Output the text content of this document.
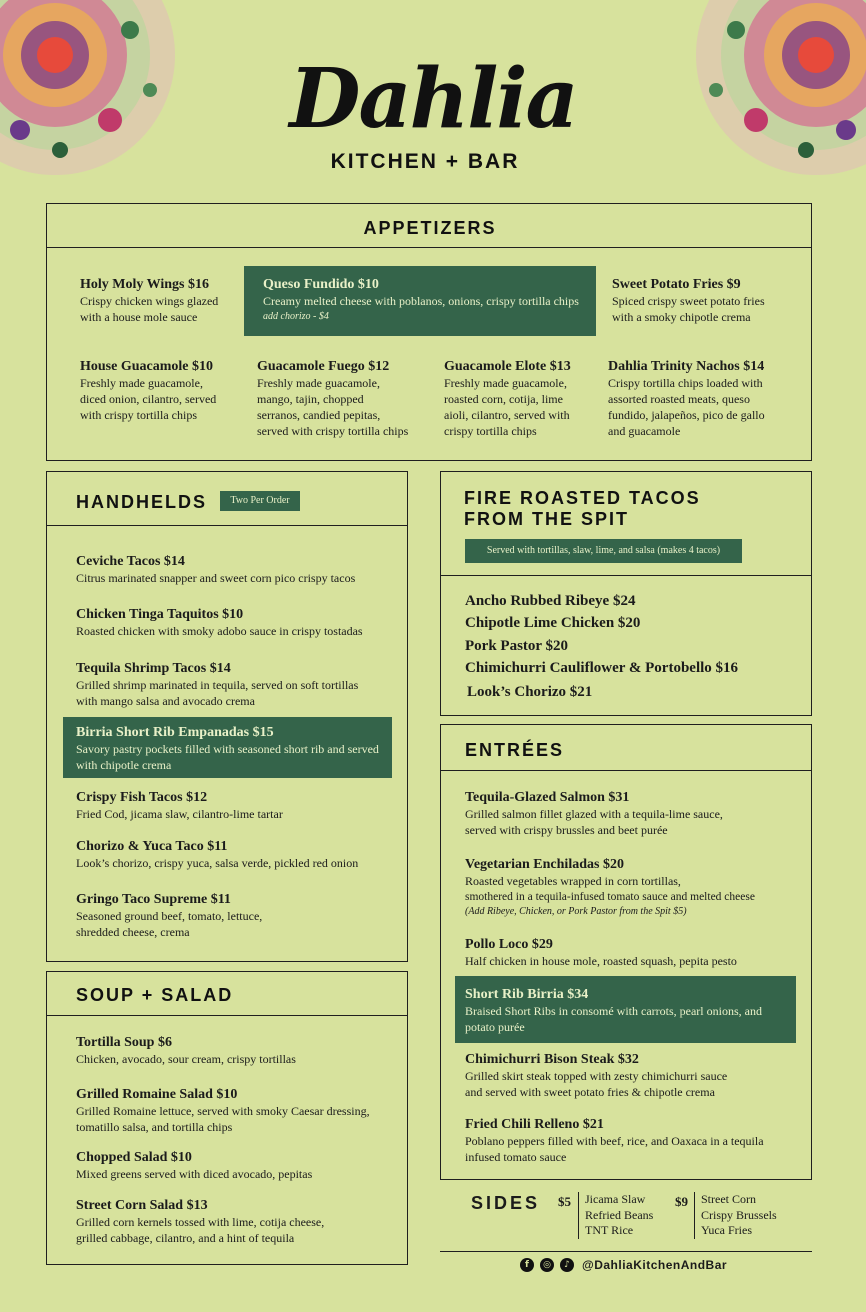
Dahlia
KITCHEN + BAR
APPETIZERS
Holy Moly Wings $16
Crispy chicken wings glazed
with a house mole sauce
Queso Fundido $10
Creamy melted cheese with poblanos, onions, crispy tortilla chips
add chorizo - $4
Sweet Potato Fries $9
Spiced crispy sweet potato fries
with a smoky chipotle crema
House Guacamole $10
Freshly made guacamole,
diced onion, cilantro, served
with crispy tortilla chips
Guacamole Fuego $12
Freshly made guacamole,
mango, tajin, chopped
serranos, candied pepitas,
served with crispy tortilla chips
Guacamole Elote $13
Freshly made guacamole,
roasted corn, cotija, lime
aioli, cilantro, served with
crispy tortilla chips
Dahlia Trinity Nachos $14
Crispy tortilla chips loaded with
assorted roasted meats, queso
fundido, jalapeños, pico de gallo
and guacamole
HANDHELDS	Two Per Order
Ceviche Tacos $14
Citrus marinated snapper and sweet corn pico crispy tacos
Chicken Tinga Taquitos $10
Roasted chicken with smoky adobo sauce in crispy tostadas
Tequila Shrimp Tacos $14
Grilled shrimp marinated in tequila, served on soft tortillas
with mango salsa and avocado crema
Birria Short Rib Empanadas $15
Savory pastry pockets filled with seasoned short rib and served
with chipotle crema
Crispy Fish Tacos $12
Fried Cod, jicama slaw, cilantro-lime tartar
Chorizo & Yuca Taco $11
Look’s chorizo, crispy yuca, salsa verde, pickled red onion
Gringo Taco Supreme $11
Seasoned ground beef, tomato, lettuce,
shredded cheese, crema
SOUP + SALAD
Tortilla Soup $6
Chicken, avocado, sour cream, crispy tortillas
Grilled Romaine Salad $10
Grilled Romaine lettuce, served with smoky Caesar dressing,
tomatillo salsa, and tortilla chips
Chopped Salad $10
Mixed greens served with diced avocado, pepitas
Street Corn Salad $13
Grilled corn kernels tossed with lime, cotija cheese,
grilled cabbage, cilantro, and a hint of tequila
FIRE ROASTED TACOS
FROM THE SPIT
Served with tortillas, slaw, lime, and salsa (makes 4 tacos)
Ancho Rubbed Ribeye $24
Chipotle Lime Chicken $20
Pork Pastor $20
Chimichurri Cauliflower & Portobello $16
Look’s Chorizo $21
ENTRÉES
Tequila-Glazed Salmon $31
Grilled salmon fillet glazed with a tequila-lime sauce,
served with crispy brussles and beet purée
Vegetarian Enchiladas $20
Roasted vegetables wrapped in corn tortillas,
smothered in a tequila-infused tomato sauce and melted cheese
(Add Ribeye, Chicken, or Pork Pastor from the Spit $5)
Pollo Loco $29
Half chicken in house mole, roasted squash, pepita pesto
Short Rib Birria $34
Braised Short Ribs in consomé with carrots, pearl onions, and
potato purée
Chimichurri Bison Steak $32
Grilled skirt steak topped with zesty chimichurri sauce
and served with sweet potato fries & chipotle crema
Fried Chili Relleno $21
Poblano peppers filled with beef, rice, and Oaxaca in a tequila
infused tomato sauce
SIDES $5 Jicama Slaw
Refried Beans
TNT Rice
$9 Street Corn
Crispy Brussels
Yuca Fries
f	◎	♪	@DahliaKitchenAndBar
